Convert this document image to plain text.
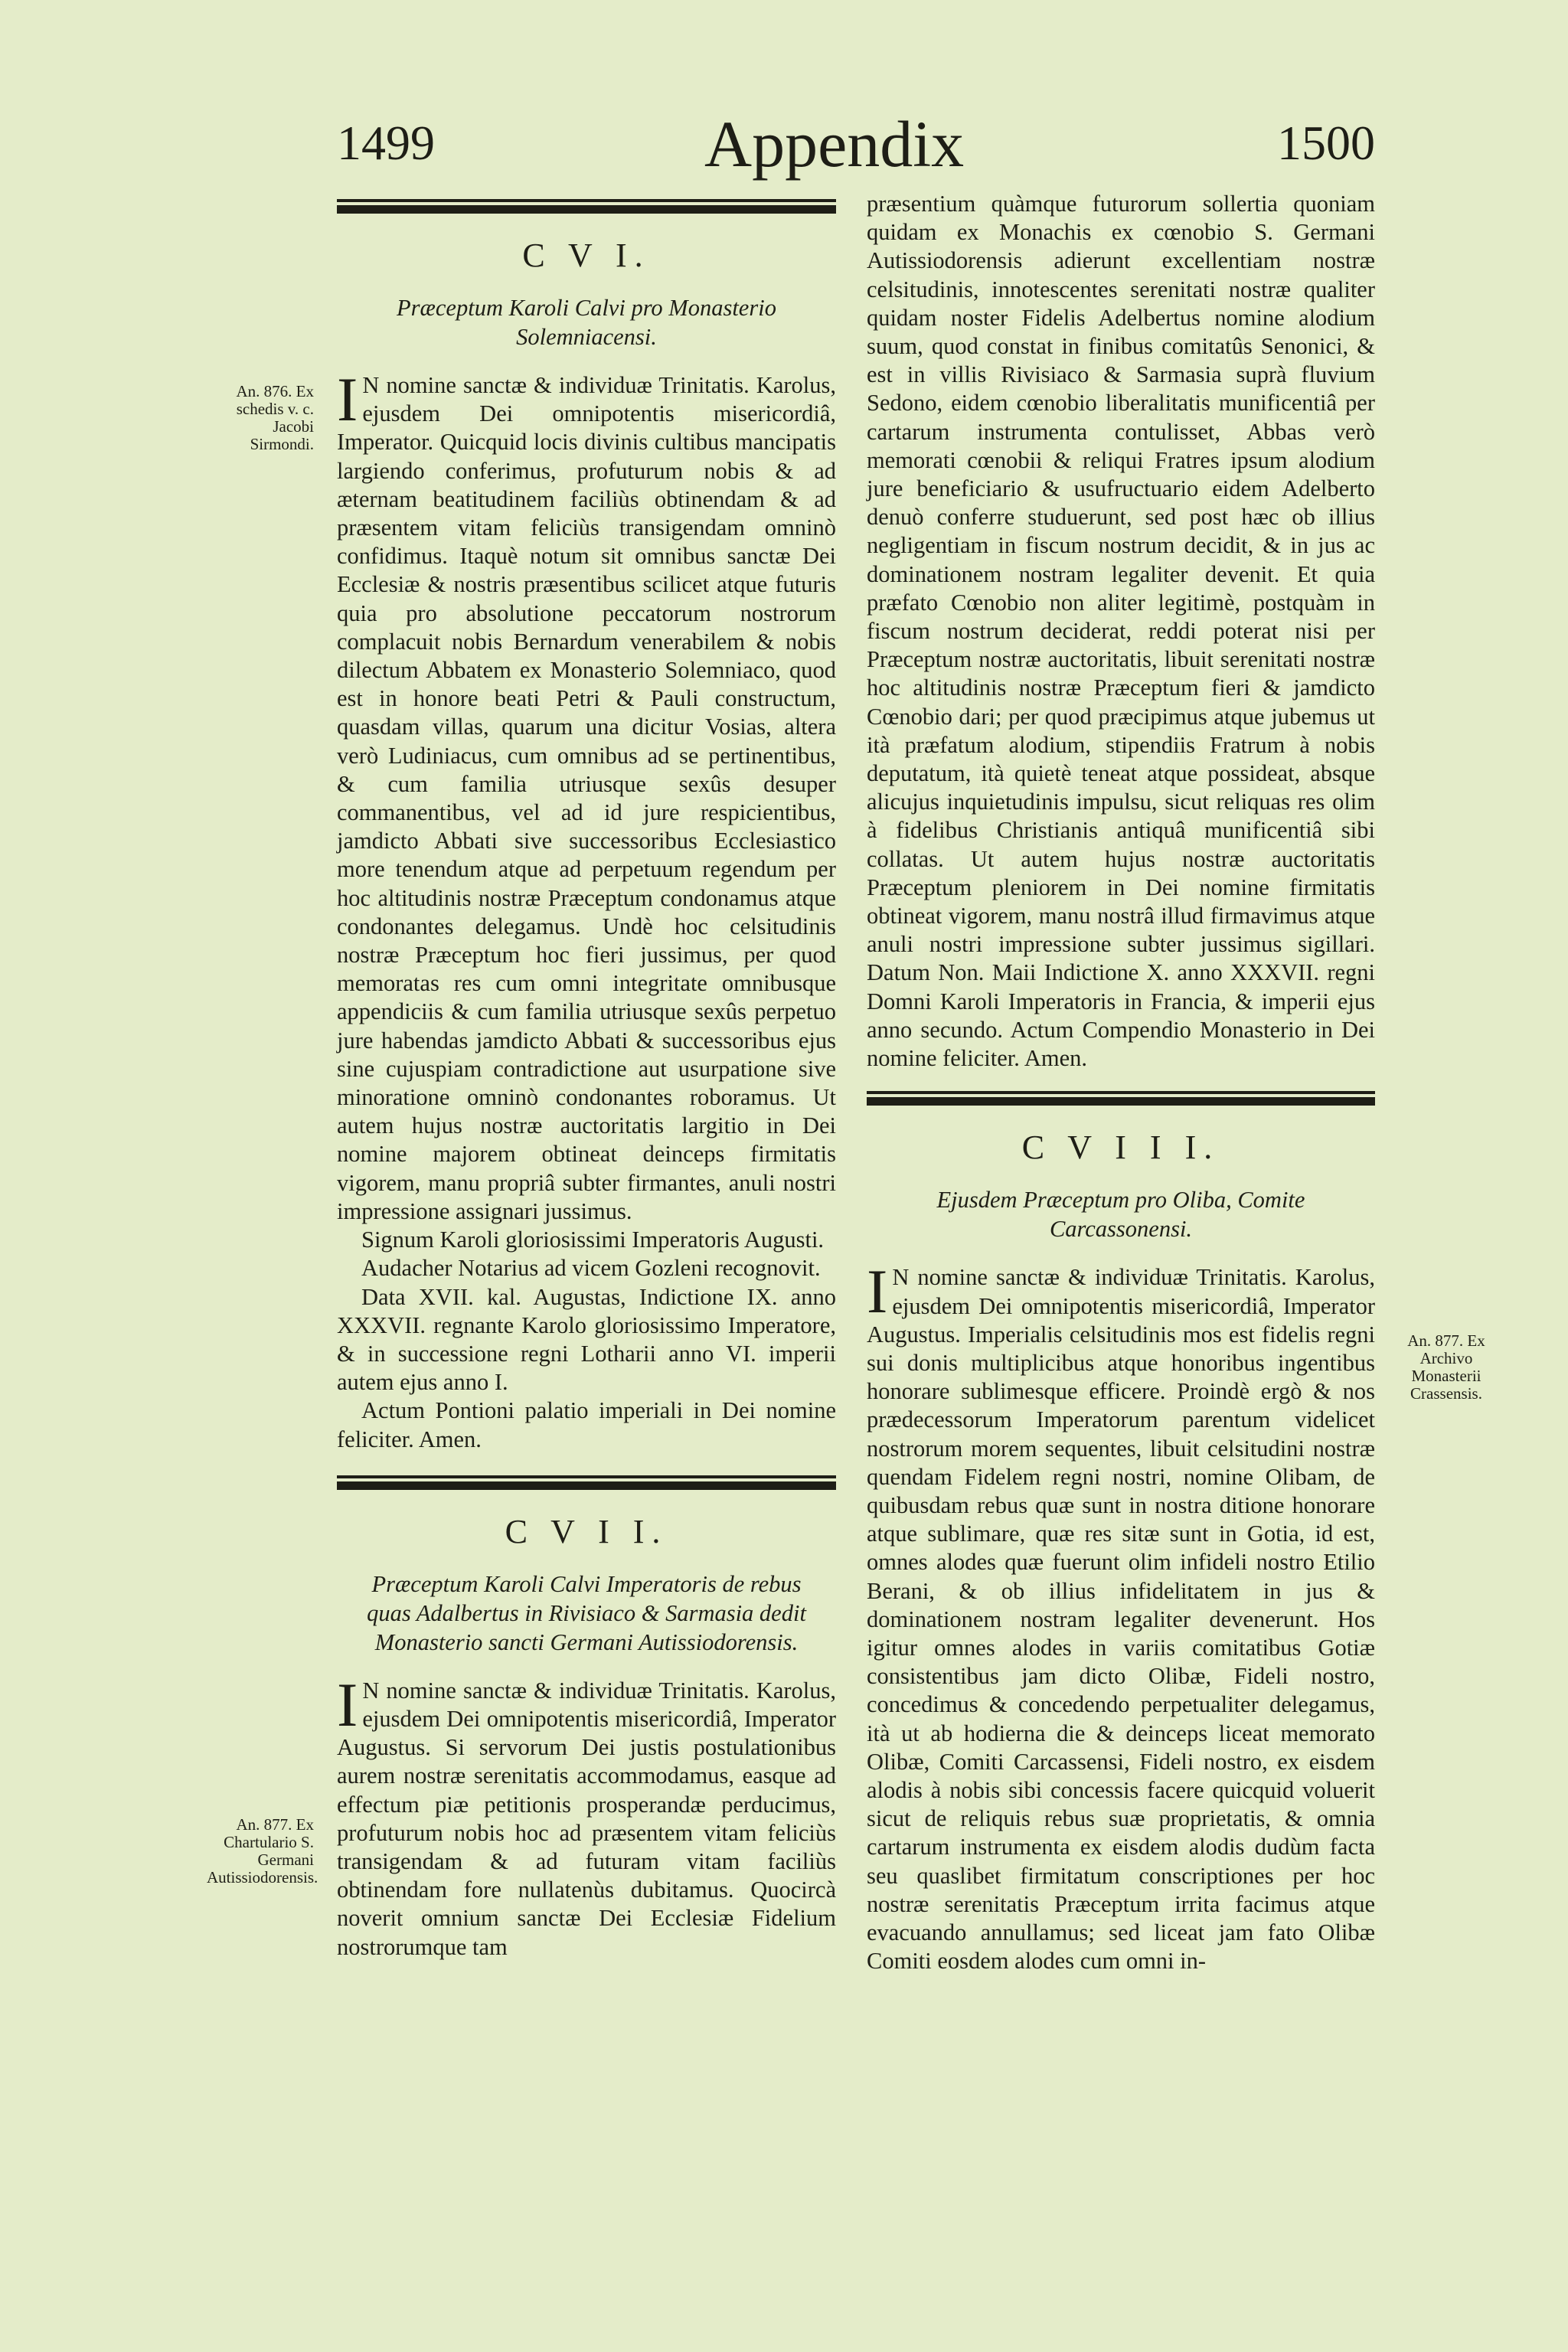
1499	Appendix	1500
An. 876. Ex schedis v. c. Jacobi Sirmondi.
An. 877. Ex Chartulario S. Germani Autissiodorensis.
An. 877. Ex Archivo Monasterii Crassensis.
C V I.
Præceptum Karoli Calvi pro Monasterio Solemniacensi.
I N nomine sanctæ & individuæ Trinitatis. Karolus, ejusdem Dei omnipotentis misericordiâ, Imperator. Quicquid locis divinis cultibus mancipatis largiendo conferimus, profuturum nobis & ad æternam beatitudinem faciliùs obtinendam & ad præsentem vitam feliciùs transigendam omninò confidimus. Itaquè notum sit omnibus sanctæ Dei Ecclesiæ & nostris præsentibus scilicet atque futuris quia pro absolutione peccatorum nostrorum complacuit nobis Bernardum venerabilem & nobis dilectum Abbatem ex Monasterio Solemniaco, quod est in honore beati Petri & Pauli constructum, quasdam villas, quarum una dicitur Vosias, altera verò Ludiniacus, cum omnibus ad se pertinentibus, & cum familia utriusque sexûs desuper commanentibus, vel ad id jure respicientibus, jamdicto Abbati sive successoribus Ecclesiastico more tenendum atque ad perpetuum regendum per hoc altitudinis nostræ Præceptum condonamus atque condonantes delegamus. Undè hoc celsitudinis nostræ Præceptum hoc fieri jussimus, per quod memoratas res cum omni integritate omnibusque appendiciis & cum familia utriusque sexûs perpetuo jure habendas jamdicto Abbati & successoribus ejus sine cujuspiam contradictione aut usurpatione sive minoratione omninò condonantes roboramus. Ut autem hujus nostræ auctoritatis largitio in Dei nomine majorem obtineat deinceps firmitatis vigorem, manu propriâ subter firmantes, anuli nostri impressione assignari jussimus.

Signum Karoli gloriosissimi Imperatoris Augusti.

Audacher Notarius ad vicem Gozleni recognovit.

Data XVII. kal. Augustas, Indictione IX. anno XXXVII. regnante Karolo gloriosissimo Imperatore, & in successione regni Lotharii anno VI. imperii autem ejus anno I.

Actum Pontioni palatio imperiali in Dei nomine feliciter. Amen.

C V I I.
Præceptum Karoli Calvi Imperatoris de rebus quas Adalbertus in Rivisiaco & Sarmasia dedit Monasterio sancti Germani Autissiodorensis.
I N nomine sanctæ & individuæ Trinitatis. Karolus, ejusdem Dei omnipotentis misericordiâ, Imperator Augustus. Si servorum Dei justis postulationibus aurem nostræ serenitatis accommodamus, easque ad effectum piæ petitionis prosperandæ perducimus, profuturum nobis hoc ad præsentem vitam feliciùs transigendam & ad futuram vitam faciliùs obtinendam fore nullatenùs dubitamus. Quocircà noverit omnium sanctæ Dei Ecclesiæ Fidelium nostrorumque tam

præsentium quàmque futurorum sollertia quoniam quidam ex Monachis ex cœnobio S. Germani Autissiodorensis adierunt excellentiam nostræ celsitudinis, innotescentes serenitati nostræ qualiter quidam noster Fidelis Adelbertus nomine alodium suum, quod constat in finibus comitatûs Senonici, & est in villis Rivisiaco & Sarmasia suprà fluvium Sedono, eidem cœnobio liberalitatis munificentiâ per cartarum instrumenta contulisset, Abbas verò memorati cœnobii & reliqui Fratres ipsum alodium jure beneficiario & usufructuario eidem Adelberto denuò conferre studuerunt, sed post hæc ob illius negligentiam in fiscum nostrum decidit, & in jus ac dominationem nostram legaliter devenit. Et quia præfato Cœnobio non aliter legitimè, postquàm in fiscum nostrum deciderat, reddi poterat nisi per Præceptum nostræ auctoritatis, libuit serenitati nostræ hoc altitudinis nostræ Præceptum fieri & jamdicto Cœnobio dari; per quod præcipimus atque jubemus ut ità præfatum alodium, stipendiis Fratrum à nobis deputatum, ità quietè teneat atque possideat, absque alicujus inquietudinis impulsu, sicut reliquas res olim à fidelibus Christianis antiquâ munificentiâ sibi collatas. Ut autem hujus nostræ auctoritatis Præceptum pleniorem in Dei nomine firmitatis obtineat vigorem, manu nostrâ illud firmavimus atque anuli nostri impressione subter jussimus sigillari. Datum Non. Maii Indictione X. anno XXXVII. regni Domni Karoli Imperatoris in Francia, & imperii ejus anno secundo. Actum Compendio Monasterio in Dei nomine feliciter. Amen.

C V I I I.
Ejusdem Præceptum pro Oliba, Comite Carcassonensi.
I N nomine sanctæ & individuæ Trinitatis. Karolus, ejusdem Dei omnipotentis misericordiâ, Imperator Augustus. Imperialis celsitudinis mos est fidelis regni sui donis multiplicibus atque honoribus ingentibus honorare sublimesque efficere. Proindè ergò & nos prædecessorum Imperatorum parentum videlicet nostrorum morem sequentes, libuit celsitudini nostræ quendam Fidelem regni nostri, nomine Olibam, de quibusdam rebus quæ sunt in nostra ditione honorare atque sublimare, quæ res sitæ sunt in Gotia, id est, omnes alodes quæ fuerunt olim infideli nostro Etilio Berani, & ob illius infidelitatem in jus & dominationem nostram legaliter devenerunt. Hos igitur omnes alodes in variis comitatibus Gotiæ consistentibus jam dicto Olibæ, Fideli nostro, concedimus & concedendo perpetualiter delegamus, ità ut ab hodierna die & deinceps liceat memorato Olibæ, Comiti Carcassensi, Fideli nostro, ex eisdem alodis à nobis sibi concessis facere quicquid voluerit sicut de reliquis rebus suæ proprietatis, & omnia cartarum instrumenta ex eisdem alodis dudùm facta seu quaslibet firmitatum conscriptiones per hoc nostræ serenitatis Præceptum irrita facimus atque evacuando annullamus; sed liceat jam fato Olibæ Comiti eosdem alodes cum omni in-
